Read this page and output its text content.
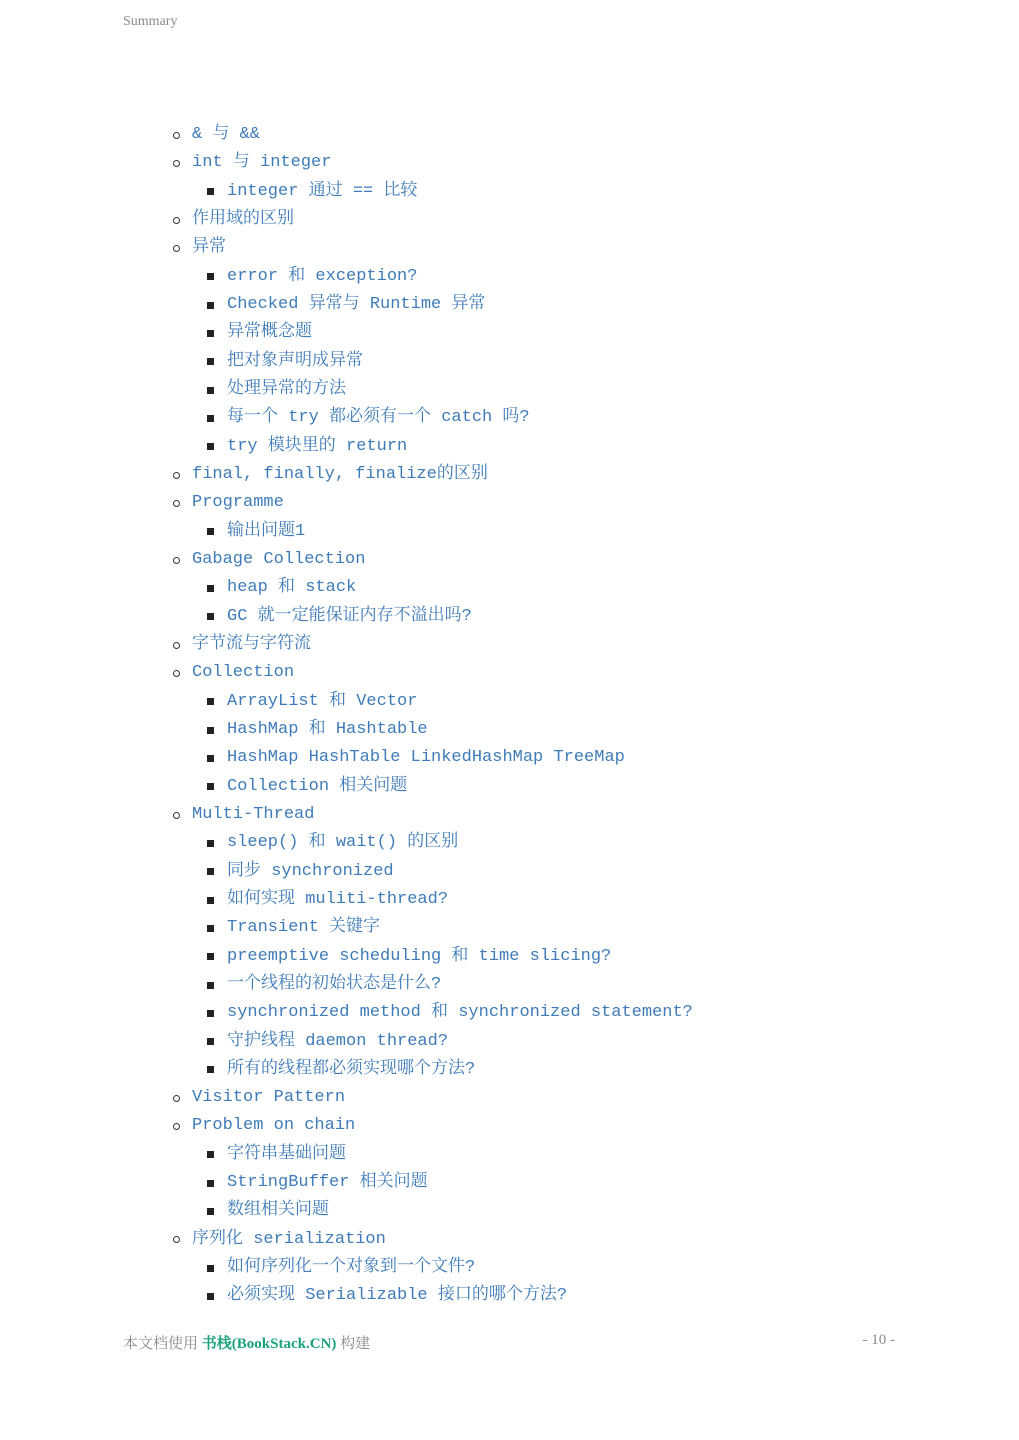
Summary
& 与 &&
int 与 integer
integer 通过 == 比较
作用域的区别
异常
error 和 exception?
Checked 异常与 Runtime 异常
异常概念题
把对象声明成异常
处理异常的方法
每一个 try 都必须有一个 catch 吗?
try 模块里的 return
final, finally, finalize的区别
Programme
输出问题1
Gabage Collection
heap 和 stack
GC 就一定能保证内存不溢出吗?
字节流与字符流
Collection
ArrayList 和 Vector
HashMap 和 Hashtable
HashMap HashTable LinkedHashMap TreeMap
Collection 相关问题
Multi-Thread
sleep() 和 wait() 的区别
同步 synchronized
如何实现 muliti-thread?
Transient 关键字
preemptive scheduling 和 time slicing?
一个线程的初始状态是什么?
synchronized method 和 synchronized statement?
守护线程 daemon thread?
所有的线程都必须实现哪个方法?
Visitor Pattern
Problem on chain
字符串基础问题
StringBuffer 相关问题
数组相关问题
序列化 serialization
如何序列化一个对象到一个文件?
必须实现 Serializable 接口的哪个方法?
本文档使用 书栈(BookStack.CN) 构建	- 10 -
